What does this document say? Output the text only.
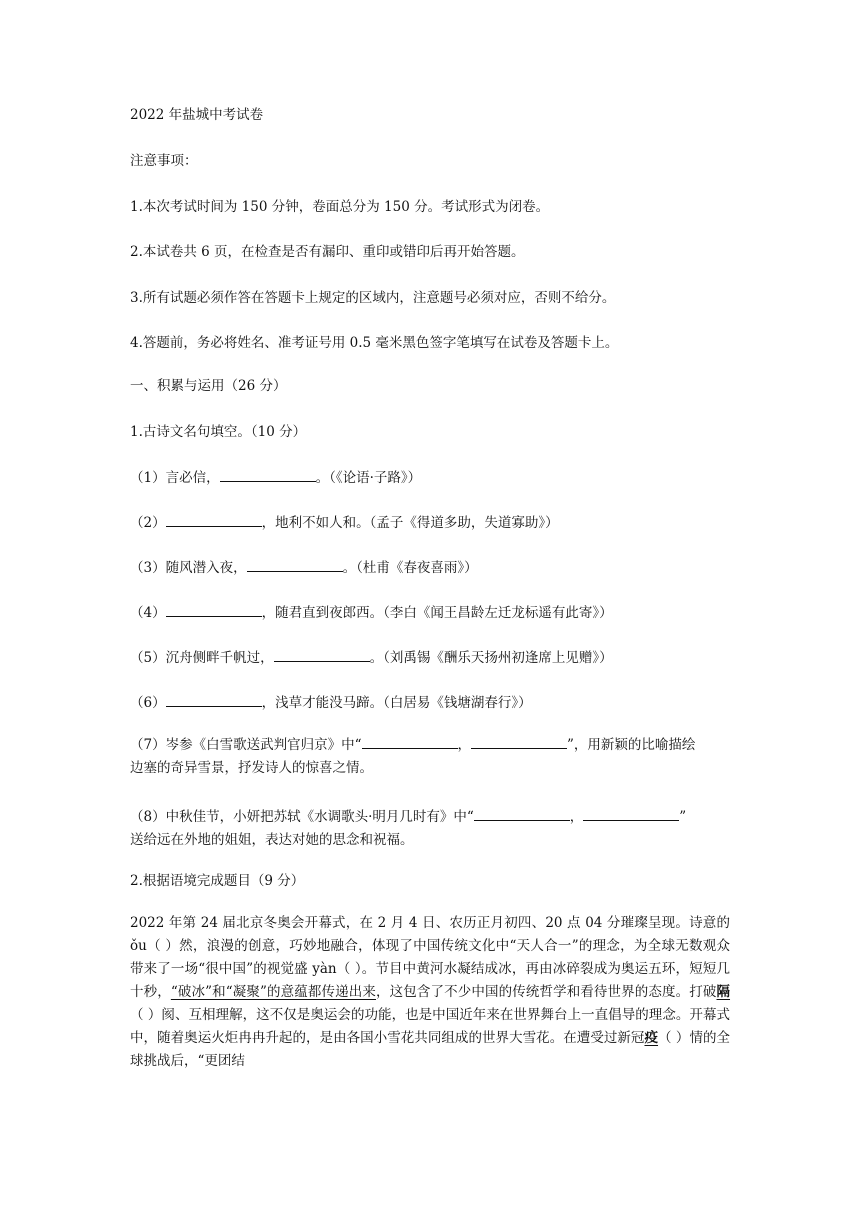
2022 年盐城中考试卷
注意事项：
1.本次考试时间为 150 分钟，卷面总分为 150 分。考试形式为闭卷。
2.本试卷共 6 页，在检查是否有漏印、重印或错印后再开始答题。
3.所有试题必须作答在答题卡上规定的区域内，注意题号必须对应，否则不给分。
4.答题前，务必将姓名、准考证号用 0.5 毫米黑色签字笔填写在试卷及答题卡上。
一、积累与运用（26 分）
1.古诗文名句填空。（10 分）
（1）言必信，	。（《论语·子路》）
（2）	，地利不如人和。（孟子《得道多助，失道寡助》）
（3）随风潜入夜，	。（杜甫《春夜喜雨》）
（4）	，随君直到夜郎西。（李白《闻王昌龄左迁龙标遥有此寄》）
（5）沉舟侧畔千帆过，	。（刘禹锡《酬乐天扬州初逢席上见赠》）
（6）	，浅草才能没马蹄。（白居易《钱塘湖春行》）
（7）岑参《白雪歌送武判官归京》中“	，	”，用新颖的比喻描绘
边塞的奇异雪景，抒发诗人的惊喜之情。
（8）中秋佳节，小妍把苏轼《水调歌头·明月几时有》中“	，	”
送给远在外地的姐姐，表达对她的思念和祝福。
2.根据语境完成题目（9 分）
2022 年第 24 届北京冬奥会开幕式，在 2 月 4 日、农历正月初四、20 点 04 分璀璨呈现。诗意的ǒu（ ）然，浪漫的创意，巧妙地融合，体现了中国传统文化中“天人合一”的理念，为全球无数观众带来了一场“很中国”的视觉盛 yàn（ ）。节目中黄河水凝结成冰，再由冰碎裂成为奥运五环，短短几十秒，“破冰”和“凝聚”的意蕴都传递出来，这包含了不少中国的传统哲学和看待世界的态度。打破隔（ ）阂、互相理解，这不仅是奥运会的功能，也是中国近年来在世界舞台上一直倡导的理念。开幕式中，随着奥运火炬冉冉升起的，是由各国小雪花共同组成的世界大雪花。在遭受过新冠疫（ ）情的全球挑战后，“更团结
